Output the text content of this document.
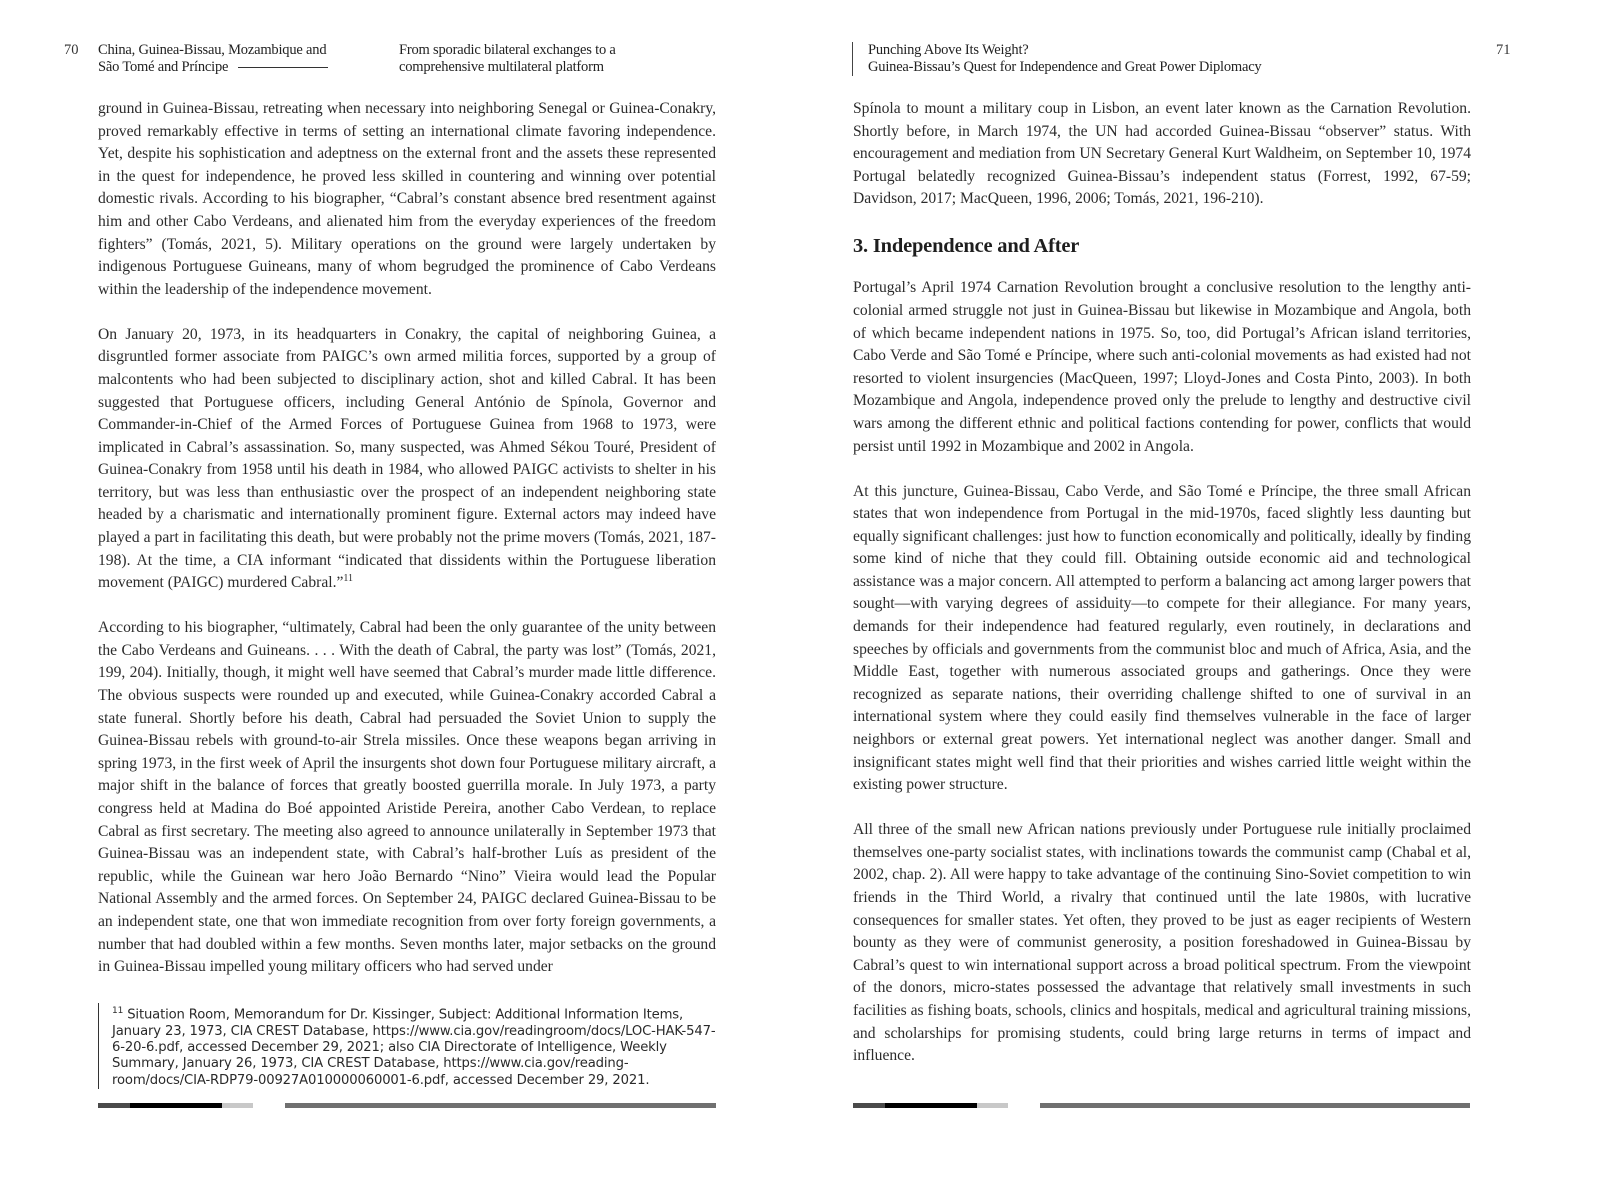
70 China, Guinea-Bissau, Mozambique and
São Tomé and Príncipe
From sporadic bilateral exchanges to a
comprehensive multilateral platform

ground in Guinea-Bissau, retreating when necessary into neighboring Senegal or Guinea-Conakry, proved remarkably effective in terms of setting an international climate favoring independence. Yet, despite his sophistication and adeptness on the external front and the assets these represented in the quest for independence, he proved less skilled in countering and winning over potential domestic rivals. According to his biographer, “Cabral’s constant absence bred resentment against him and other Cabo Verdeans, and alienated him from the everyday experiences of the freedom fighters” (Tomás, 2021, 5). Military operations on the ground were largely undertaken by indigenous Portuguese Guineans, many of whom begrudged the prominence of Cabo Verdeans within the leadership of the independence movement.

On January 20, 1973, in its headquarters in Conakry, the capital of neighboring Guinea, a disgruntled former associate from PAIGC’s own armed militia forces, supported by a group of malcontents who had been subjected to disciplinary action, shot and killed Cabral. It has been suggested that Portuguese officers, including General António de Spínola, Governor and Commander-in-Chief of the Armed Forces of Portuguese Guinea from 1968 to 1973, were implicated in Cabral’s assassination. So, many suspected, was Ahmed Sékou Touré, President of Guinea-Conakry from 1958 until his death in 1984, who allowed PAIGC activists to shelter in his territory, but was less than enthusiastic over the prospect of an independent neighboring state headed by a charismatic and internationally prominent figure. External actors may indeed have played a part in facilitating this death, but were probably not the prime movers (Tomás, 2021, 187-198). At the time, a CIA informant “indicated that dissidents within the Portuguese liberation movement (PAIGC) murdered Cabral.”$^{11}$

According to his biographer, “ultimately, Cabral had been the only guarantee of the unity between the Cabo Verdeans and Guineans. . . . With the death of Cabral, the party was lost” (Tomás, 2021, 199, 204). Initially, though, it might well have seemed that Cabral’s murder made little difference. The obvious suspects were rounded up and executed, while Guinea-Conakry accorded Cabral a state funeral. Shortly before his death, Cabral had persuaded the Soviet Union to supply the Guinea-Bissau rebels with ground-to-air Strela missiles. Once these weapons began arriving in spring 1973, in the first week of April the insurgents shot down four Portuguese military aircraft, a major shift in the balance of forces that greatly boosted guerrilla morale. In July 1973, a party congress held at Madina do Boé appointed Aristide Pereira, another Cabo Verdean, to replace Cabral as first secretary. The meeting also agreed to announce unilaterally in September 1973 that Guinea-Bissau was an independent state, with Cabral’s half-brother Luís as president of the republic, while the Guinean war hero João Bernardo “Nino” Vieira would lead the Popular National Assembly and the armed forces. On September 24, PAIGC declared Guinea-Bissau to be an independent state, one that won immediate recognition from over forty foreign governments, a number that had doubled within a few months. Seven months later, major setbacks on the ground in Guinea-Bissau impelled young military officers who had served under

$^{11}$ Situation Room, Memorandum for Dr. Kissinger, Subject: Additional Information Items, January 23, 1973, CIA CREST Database, https://www.cia.gov/readingroom/docs/LOC-HAK-547-6-20-6.pdf, accessed December 29, 2021; also CIA Directorate of Intelligence, Weekly Summary, January 26, 1973, CIA CREST Database, https://www.cia.gov/reading-room/docs/CIA-RDP79-00927A010000060001-6.pdf, accessed December 29, 2021.
Punching Above Its Weight?
Guinea-Bissau’s Quest for Independence and Great Power Diplomacy
71

Spínola to mount a military coup in Lisbon, an event later known as the Carnation Revolution. Shortly before, in March 1974, the UN had accorded Guinea-Bissau “observer” status. With encouragement and mediation from UN Secretary General Kurt Waldheim, on September 10, 1974 Portugal belatedly recognized Guinea-Bissau’s independent status (Forrest, 1992, 67-59; Davidson, 2017; MacQueen, 1996, 2006; Tomás, 2021, 196-210).

3. Independence and After

Portugal’s April 1974 Carnation Revolution brought a conclusive resolution to the lengthy anti-colonial armed struggle not just in Guinea-Bissau but likewise in Mozambique and Angola, both of which became independent nations in 1975. So, too, did Portugal’s African island territories, Cabo Verde and São Tomé e Príncipe, where such anti-colonial movements as had existed had not resorted to violent insurgencies (MacQueen, 1997; Lloyd-Jones and Costa Pinto, 2003). In both Mozambique and Angola, independence proved only the prelude to lengthy and destructive civil wars among the different ethnic and political factions contending for power, conflicts that would persist until 1992 in Mozambique and 2002 in Angola.

At this juncture, Guinea-Bissau, Cabo Verde, and São Tomé e Príncipe, the three small African states that won independence from Portugal in the mid-1970s, faced slightly less daunting but equally significant challenges: just how to function economically and politically, ideally by finding some kind of niche that they could fill. Obtaining outside economic aid and technological assistance was a major concern. All attempted to perform a balancing act among larger powers that sought—with varying degrees of assiduity—to compete for their allegiance. For many years, demands for their independence had featured regularly, even routinely, in declarations and speeches by officials and governments from the communist bloc and much of Africa, Asia, and the Middle East, together with numerous associated groups and gatherings. Once they were recognized as separate nations, their overriding challenge shifted to one of survival in an international system where they could easily find themselves vulnerable in the face of larger neighbors or external great powers. Yet international neglect was another danger. Small and insignificant states might well find that their priorities and wishes carried little weight within the existing power structure.

All three of the small new African nations previously under Portuguese rule initially proclaimed themselves one-party socialist states, with inclinations towards the communist camp (Chabal et al, 2002, chap. 2). All were happy to take advantage of the continuing Sino-Soviet competition to win friends in the Third World, a rivalry that continued until the late 1980s, with lucrative consequences for smaller states. Yet often, they proved to be just as eager recipients of Western bounty as they were of communist generosity, a position foreshadowed in Guinea-Bissau by Cabral’s quest to win international support across a broad political spectrum. From the viewpoint of the donors, micro-states possessed the advantage that relatively small investments in such facilities as fishing boats, schools, clinics and hospitals, medical and agricultural training missions, and scholarships for promising students, could bring large returns in terms of impact and influence.
